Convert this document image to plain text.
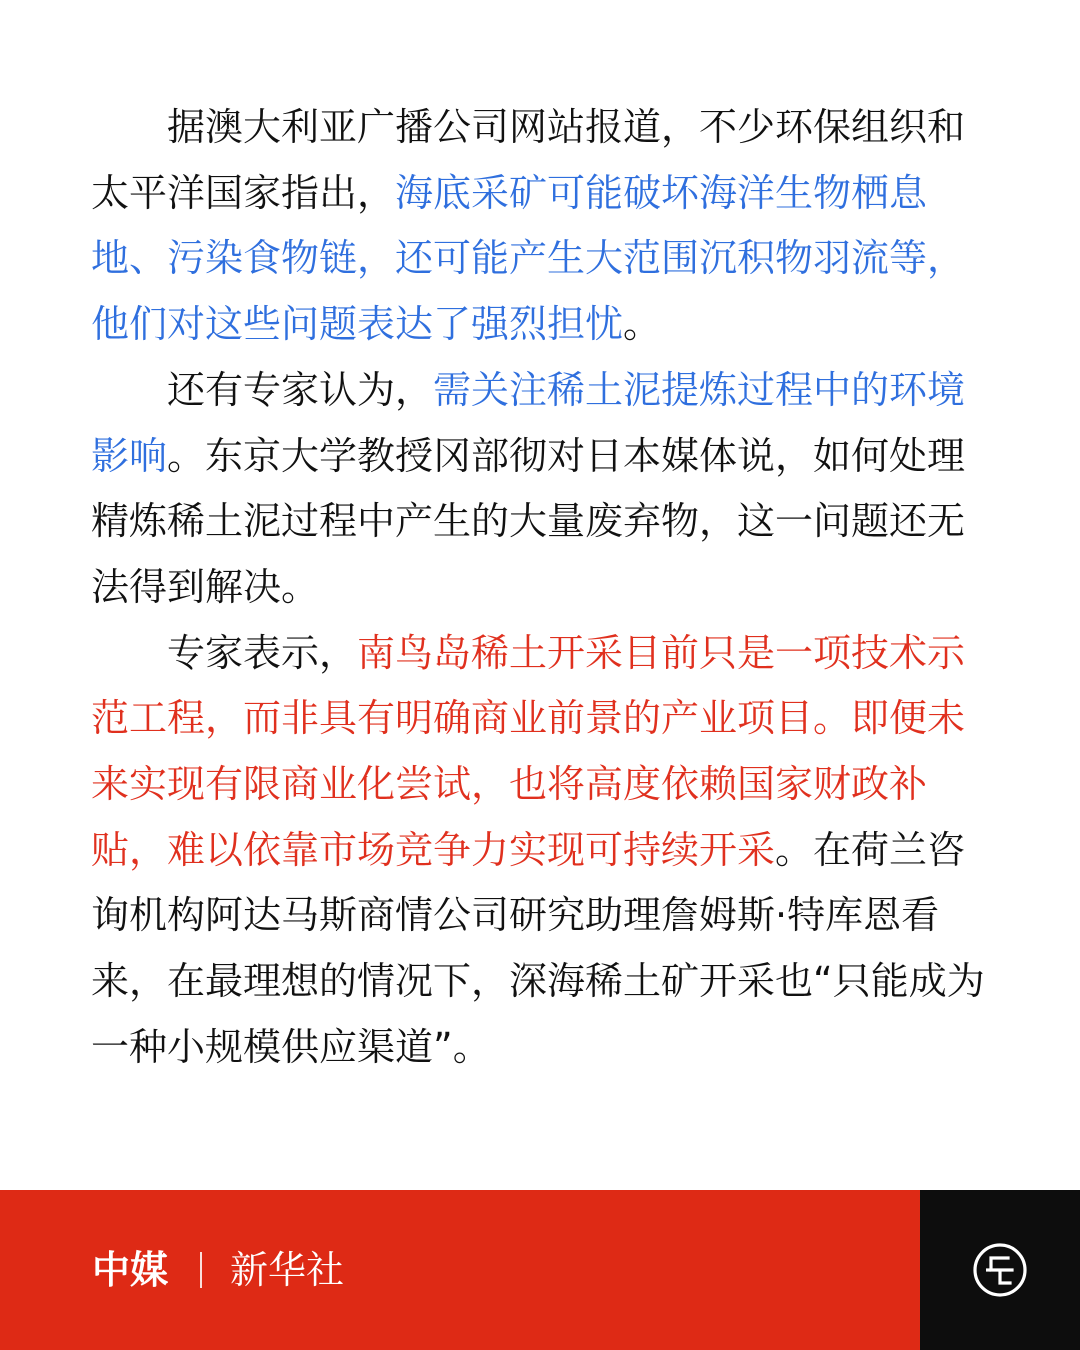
据澳大利亚广播公司网站报道，不少环保组织和太平洋国家指出，海底采矿可能破坏海洋生物栖息地、污染食物链，还可能产生大范围沉积物羽流等，他们对这些问题表达了强烈担忧。

还有专家认为，需关注稀土泥提炼过程中的环境影响。东京大学教授冈部彻对日本媒体说，如何处理精炼稀土泥过程中产生的大量废弃物，这一问题还无法得到解决。

专家表示，南鸟岛稀土开采目前只是一项技术示范工程，而非具有明确商业前景的产业项目。即便未来实现有限商业化尝试，也将高度依赖国家财政补贴，难以依靠市场竞争力实现可持续开采。在荷兰咨询机构阿达马斯商情公司研究助理詹姆斯·特库恩看来，在最理想的情况下，深海稀土矿开采也“只能成为一种小规模供应渠道”。

中媒 新华社
